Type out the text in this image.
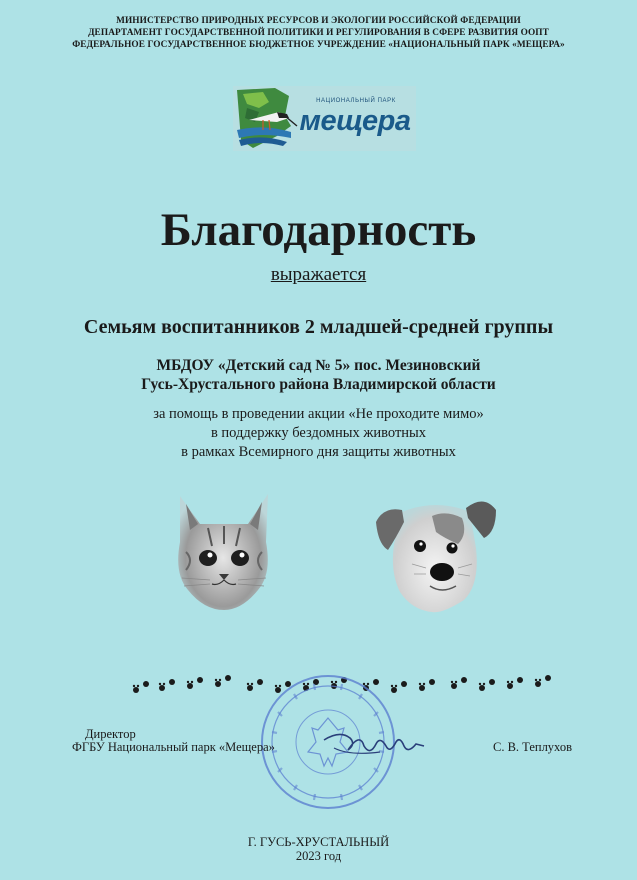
МИНИСТЕРСТВО ПРИРОДНЫХ РЕСУРСОВ И ЭКОЛОГИИ РОССИЙСКОЙ ФЕДЕРАЦИИ
ДЕПАРТАМЕНТ ГОСУДАРСТВЕННОЙ ПОЛИТИКИ И РЕГУЛИРОВАНИЯ В СФЕРЕ РАЗВИТИЯ ООПТ
ФЕДЕРАЛЬНОЕ ГОСУДАРСТВЕННОЕ БЮДЖЕТНОЕ УЧРЕЖДЕНИЕ «НАЦИОНАЛЬНЫЙ ПАРК «МЕЩЕРА»
НАЦИОНАЛЬНЫЙ ПАРК
мещера
Благодарность
выражается
Семьям воспитанников 2 младшей-средней группы
МБДОУ «Детский сад № 5» пос. Мезиновский
Гусь-Хрустального района Владимирской области
за помощь в проведении акции «Не проходите мимо»
в поддержку бездомных животных
в рамках Всемирного дня защиты животных
Директор
ФГБУ Национальный парк «Мещера»	С. В. Теплухов
Г. ГУСЬ-ХРУСТАЛЬНЫЙ
2023 год
